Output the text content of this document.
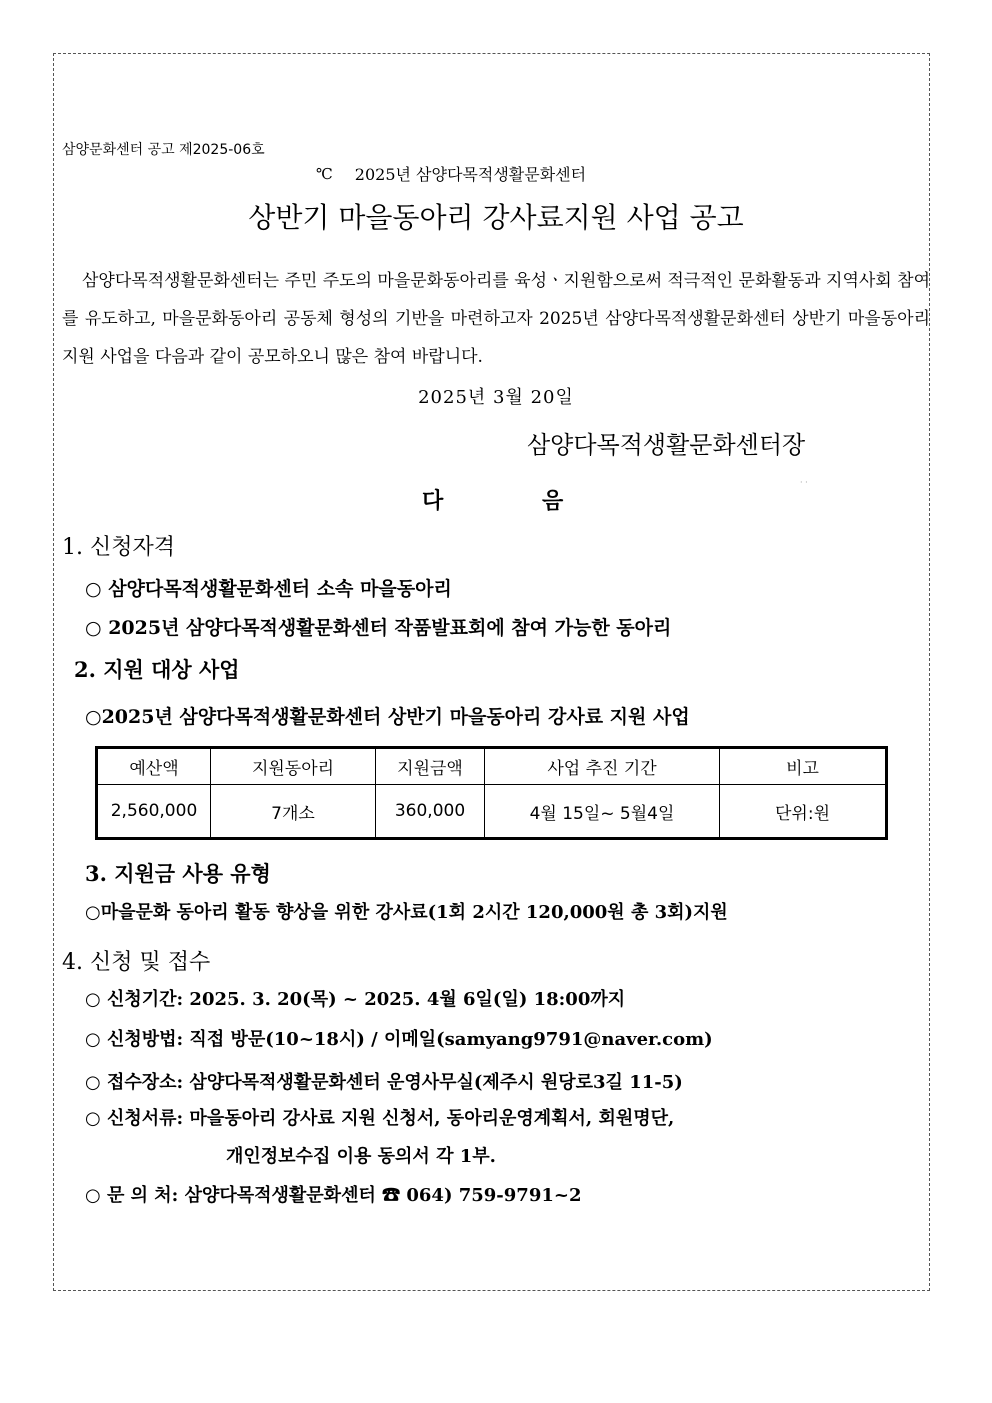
삼양문화센터 공고 제2025-06호
℃ 2025년 삼양다목적생활문화센터
상반기 마을동아리 강사료지원 사업 공고
삼양다목적생활문화센터는 주민 주도의 마을문화동아리를 육성ㆍ지원함으로써 적극적인 문화활동과 지역사회 참여를 유도하고, 마을문화동아리 공동체 형성의 기반을 마련하고자 2025년 삼양다목적생활문화센터 상반기 마을동아리 지원 사업을 다음과 같이 공모하오니 많은 참여 바랍니다.
2025년 3월 20일
삼양다목적생활문화센터장
· ·
다	음
1. 신청자격
○ 삼양다목적생활문화센터 소속 마을동아리
○ 2025년 삼양다목적생활문화센터 작품발표회에 참여 가능한 동아리
2. 지원 대상 사업
○2025년 삼양다목적생활문화센터 상반기 마을동아리 강사료 지원 사업
예산액	지원동아리	지원금액	사업 추진 기간	비고
2,560,000	7개소	360,000	4월 15일~ 5월4일	단위:원
3. 지원금 사용 유형
○마을문화 동아리 활동 향상을 위한 강사료(1회 2시간 120,000원 총 3회)지원
4. 신청 및 접수
○ 신청기간: 2025. 3. 20(목) ~ 2025. 4월 6일(일) 18:00까지
○ 신청방법: 직접 방문(10~18시) / 이메일(samyang9791@naver.com)
○ 접수장소: 삼양다목적생활문화센터 운영사무실(제주시 원당로3길 11-5)
○ 신청서류: 마을동아리 강사료 지원 신청서, 동아리운영계획서, 회원명단,
개인정보수집 이용 동의서 각 1부.
○ 문 의 처: 삼양다목적생활문화센터 ☎ 064) 759-9791~2
